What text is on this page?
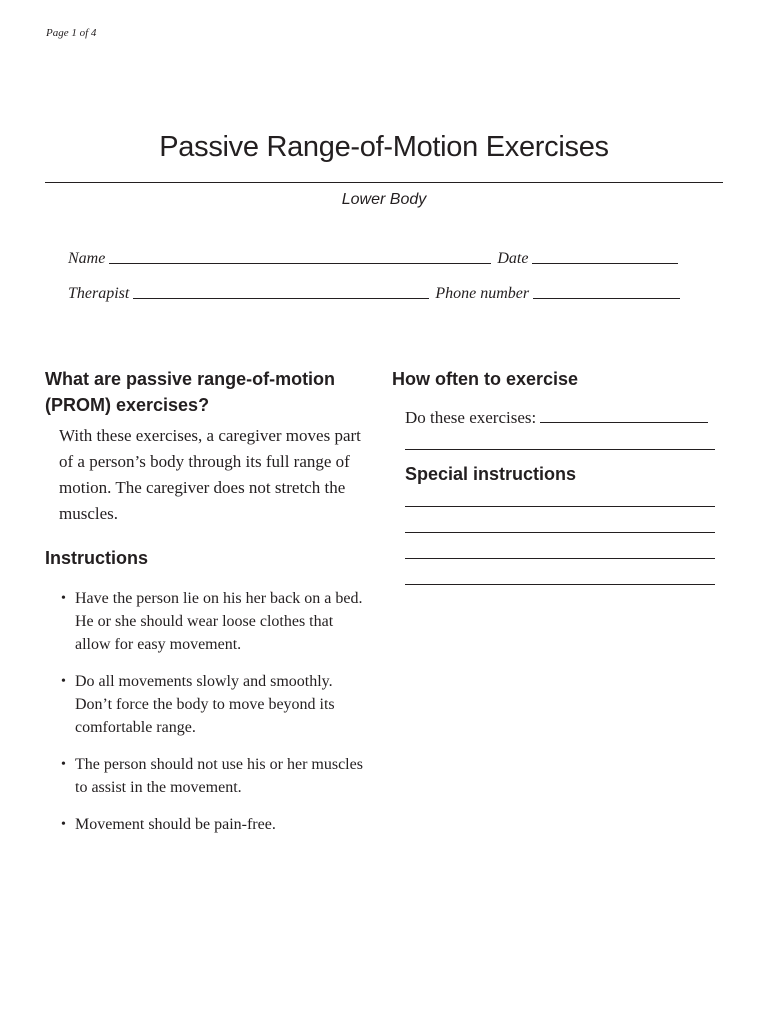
Page 1 of 4
Passive Range-of-Motion Exercises
Lower Body
Name	Date
Therapist	Phone number
What are passive range-of-motion (PROM) exercises?

With these exercises, a caregiver moves part of a person’s body through its full range of motion. The caregiver does not stretch the muscles.

Instructions
• Have the person lie on his her back on a bed. He or she should wear loose clothes that allow for easy movement.
• Do all movements slowly and smoothly. Don’t force the body to move beyond its comfortable range.
• The person should not use his or her muscles to assist in the movement.
• Movement should be pain-free.
How often to exercise
Do these exercises:
Special instructions
